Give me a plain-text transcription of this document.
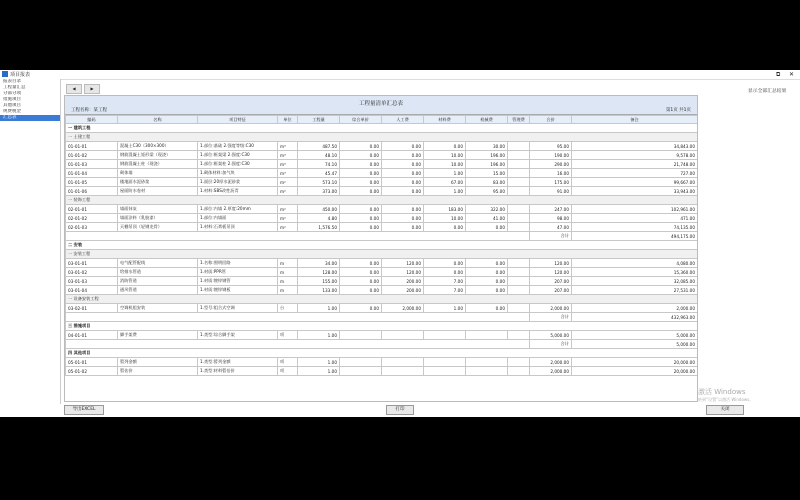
项目报表	⧉ ✕
报表目录
工程量汇总
分部分项
措施项目
其他项目
规费税金
汇总表
◀	▶
显示全部汇总结果
工程量清单汇总表
工程名称：某工程	第1页 共1页
编码	名称	项目特征	单位	工程量	综合单价	人工费	材料费	机械费	管理费	合价	备注
一 建筑工程											
一 土建工程											
01-01-01	混凝土C30（300×300）	1.部位:基础 2.强度等级:C30	m³	487.50	0.00	0.00	0.00	30.00		95.00	34,843.00
01-01-02	钢筋混凝土矩形梁（现浇）	1.部位:框架梁 2.强度:C30	m³	48.10	0.00	0.00	10.00	196.00		190.00	9,578.00
01-01-03	钢筋混凝土柱（现浇）	1.部位:框架柱 2.强度:C30	m³	74.10	0.00	0.00	10.00	196.00		290.00	21,748.00
01-01-04	砌体墙	1.砌体材料:加气块	m³	45.47	0.00	0.00	1.00	15.00		16.00	727.00
01-01-05	楼地面水泥砂浆	1.面层:20厚水泥砂浆	m²	573.10	0.00	0.00	67.00	83.00		175.00	99,667.00
01-01-06	屋面防水卷材	1.材料:SBS改性沥青	m²	373.00	0.00	0.00	1.00	95.00		91.00	33,943.00
一 装饰工程											
02-01-01	墙面抹灰	1.部位:内墙 2.厚度:20mm	m²	450.00	0.00	0.00	183.00	322.00		247.00	102,961.00
02-01-02	墙面涂料（乳胶漆）	1.部位:内墙面	m²	4.80	0.00	0.00	10.00	41.00		98.00	471.00
02-01-03	天棚吊顶（轻钢龙骨）	1.材料:石膏板吊顶	m²	1,576.50	0.00	0.00	0.00	0.00		47.00	74,135.00
										合计	494,175.00
二 安装											
一 安装工程											
03-01-01	电气配管配线	1.名称:照明回路	m	34.00	0.00	120.00	0.00	0.00		120.00	4,080.00
03-01-02	给排水管道	1.材质:PPR管	m	128.00	0.00	120.00	0.00	0.00		120.00	15,360.00
03-01-03	消防管道	1.材质:镀锌钢管	m	155.00	0.00	200.00	7.00	0.00		207.00	32,085.00
03-01-04	通风管道	1.材质:镀锌钢板	m	133.00	0.00	200.00	7.00	0.00		207.00	27,531.00
一 设备安装工程											
03-02-01	空调机组安装	1.型号:组合式空调	台	1.00	0.00	2,000.00	1.00	0.00		2,000.00	2,000.00
										合计	432,963.00
三 措施项目											
04-01-01	脚手架费	1.类型:综合脚手架	项	1.00						5,000.00	5,000.00
										合计	5,000.00
四 其他项目											
05-01-01	暂列金额	1.类型:暂列金额	项	1.00						2,000.00	20,000.00
05-01-02	暂估价	1.类型:材料暂估价	项	1.00						2,000.00	20,000.00
导出EXCEL	打印	关闭
激活 Windows
转到“设置”以激活 Windows。
